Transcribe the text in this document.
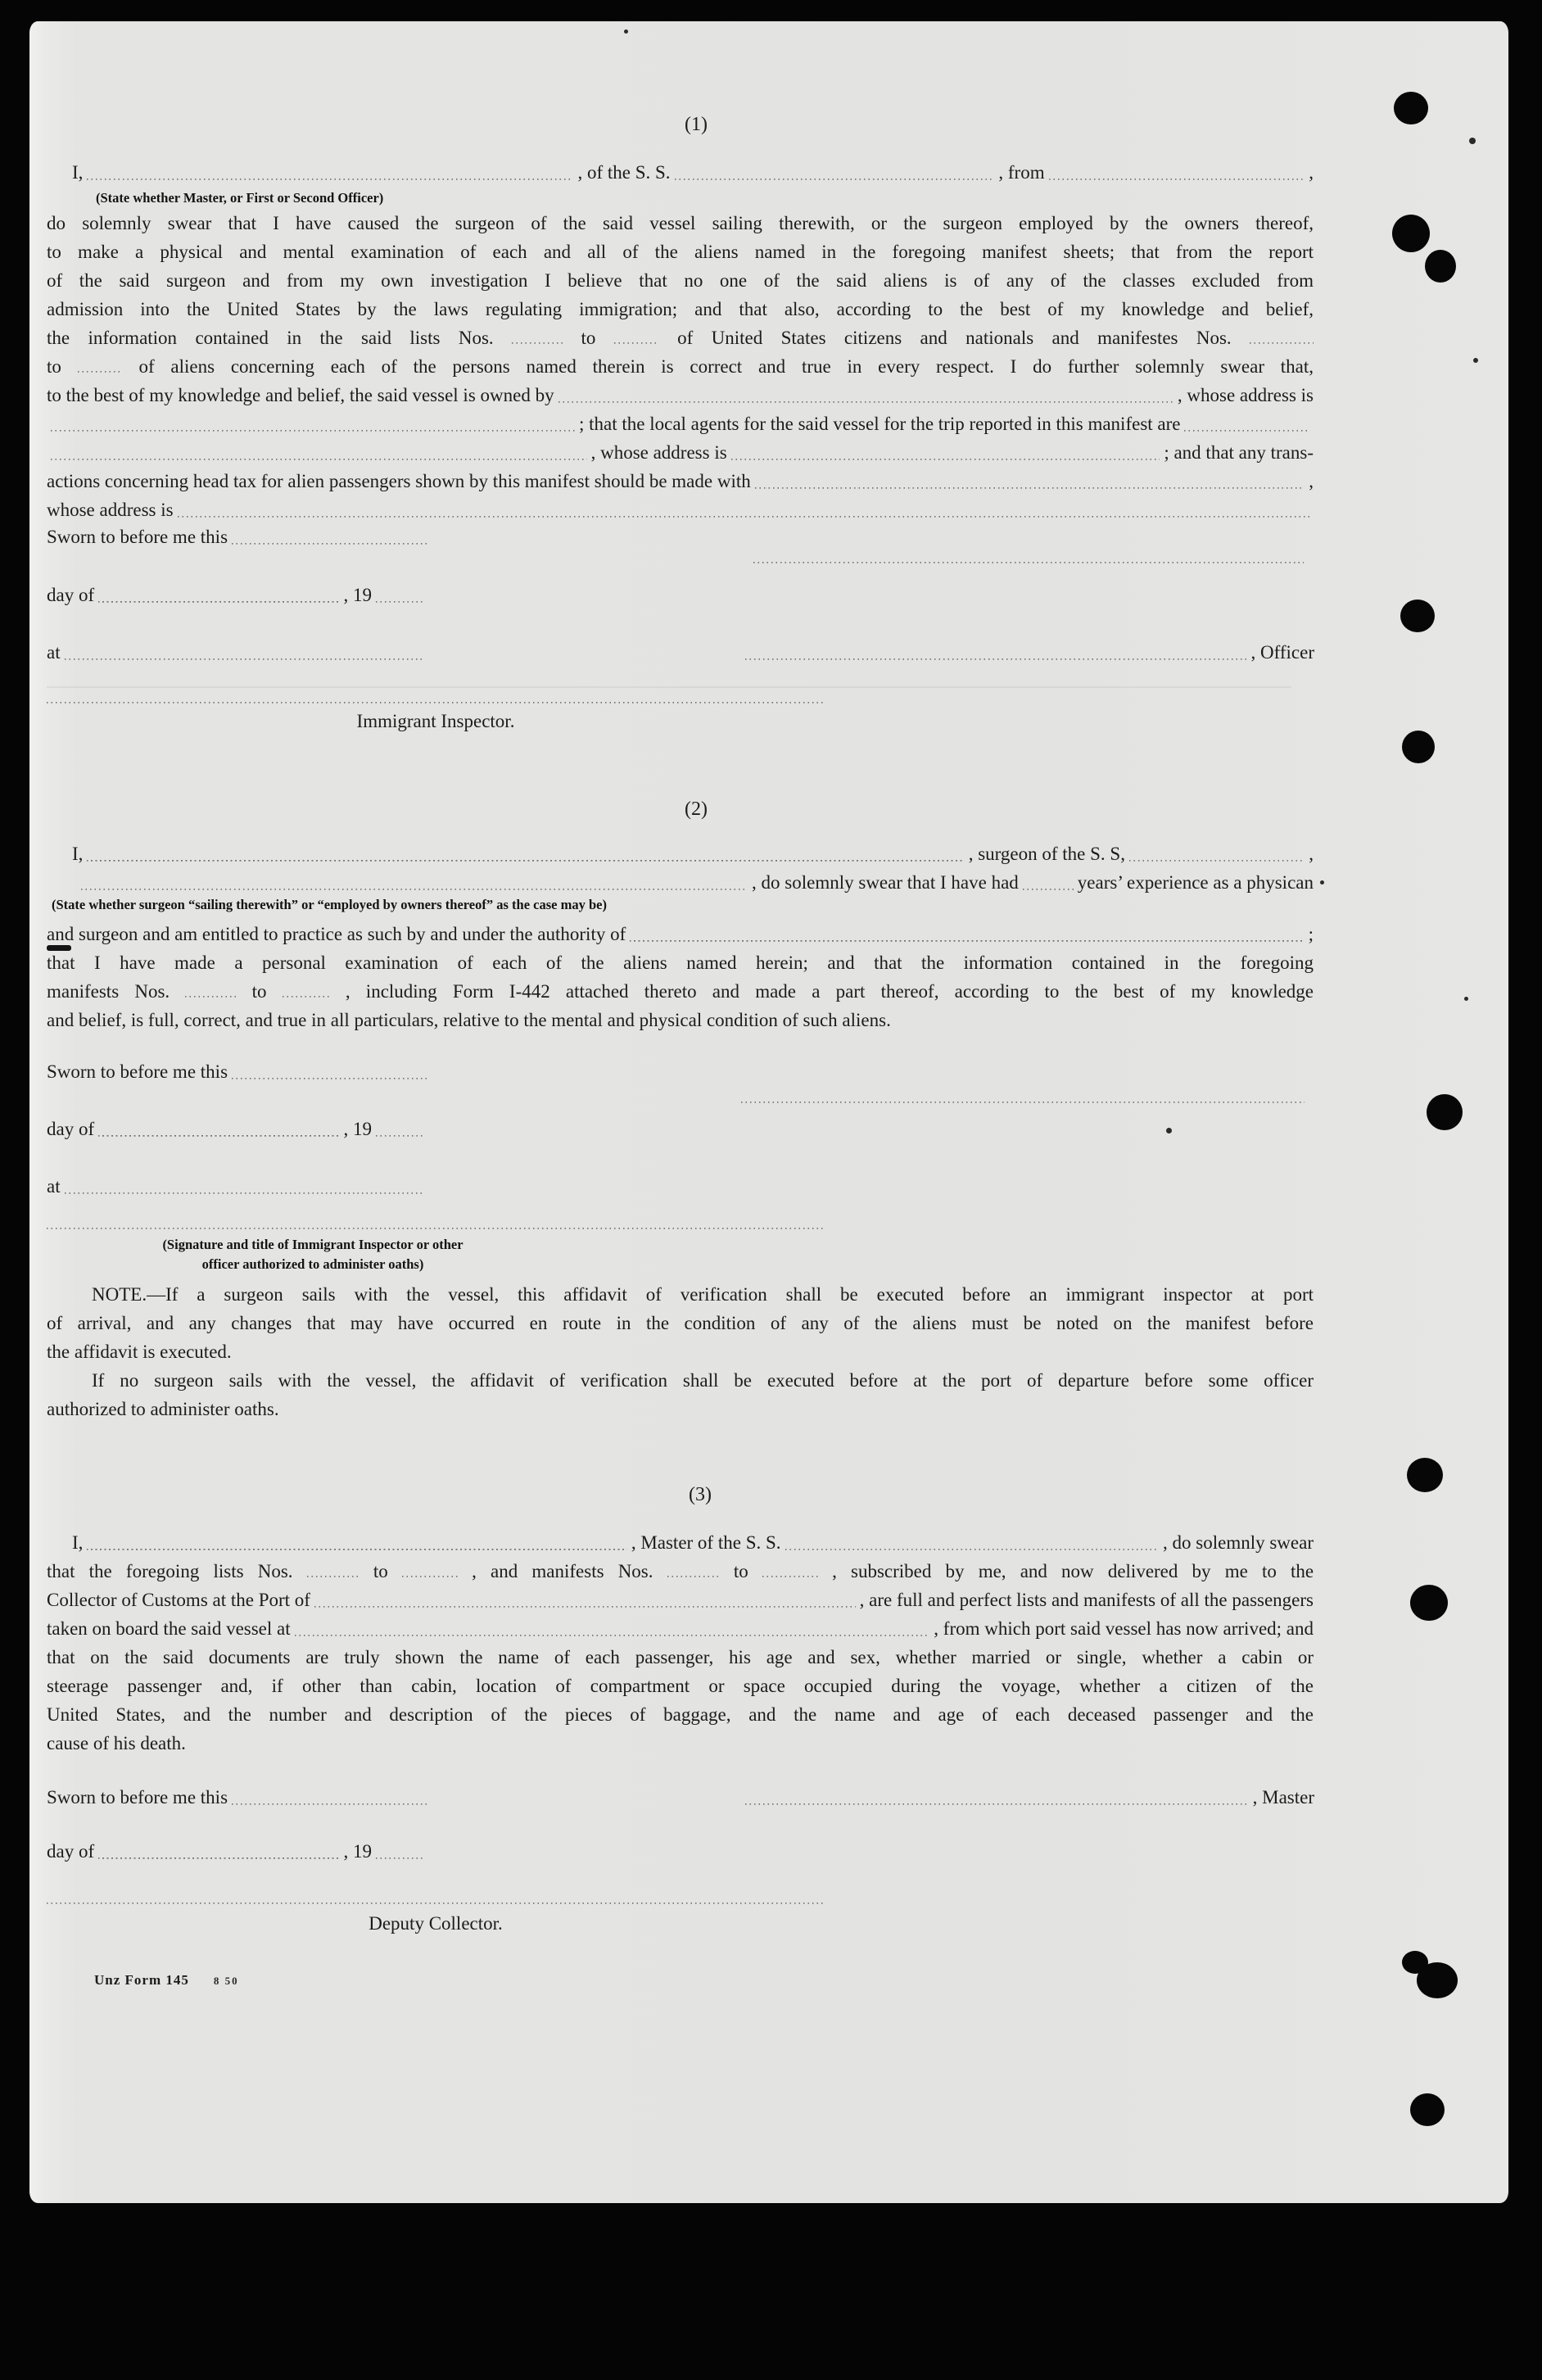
(1)
I,	, of the S. S.	, from	,
(State whether Master, or First or Second Officer)
do solemnly swear that I have caused the surgeon of the said vessel sailing therewith, or the surgeon employed by the owners thereof,
to make a physical and mental examination of each and all of the aliens named in the foregoing manifest sheets; that from the report
of the said surgeon and from my own investigation I believe that no one of the said aliens is of any of the classes excluded from
admission into the United States by the laws regulating immigration; and that also, according to the best of my knowledge and belief,
the information contained in the said lists Nos.	to	of United States citizens and nationals and manifestes Nos.
to	of aliens concerning each of the persons named therein is correct and true in every respect. I do further solemnly swear that,
to the best of my knowledge and belief, the said vessel is owned by	, whose address is
; that the local agents for the said vessel for the trip reported in this manifest are
, whose address is	; and that any trans-
actions concerning head tax for alien passengers shown by this manifest should be made with	,
whose address is
Sworn to before me this
day of	, 19
at	, Officer
Immigrant Inspector.
(2)
I,	, surgeon of the S. S,	,
, do solemnly swear that I have had	years’ experience as a physican
(State whether surgeon “sailing therewith” or “employed by owners thereof” as the case may be)
and surgeon and am entitled to practice as such by and under the authority of	;
that I have made a personal examination of each of the aliens named herein; and that the information contained in the foregoing
manifests Nos.	to	, including Form I-442 attached thereto and made a part thereof, according to the best of my knowledge
and belief, is full, correct, and true in all particulars, relative to the mental and physical condition of such aliens.
Sworn to before me this
day of	, 19
at
(Signature and title of Immigrant Inspector or other
officer authorized to administer oaths)
NOTE.—If a surgeon sails with the vessel, this affidavit of verification shall be executed before an immigrant inspector at port
of arrival, and any changes that may have occurred en route in the condition of any of the aliens must be noted on the manifest before
the affidavit is executed.
If no surgeon sails with the vessel, the affidavit of verification shall be executed before at the port of departure before some officer
authorized to administer oaths.
(3)
I,	, Master of the S. S.	, do solemnly swear
that the foregoing lists Nos.	to	, and manifests Nos.	to	, subscribed by me, and now delivered by me to the
Collector of Customs at the Port of	, are full and perfect lists and manifests of all the passengers
taken on board the said vessel at	, from which port said vessel has now arrived; and
that on the said documents are truly shown the name of each passenger, his age and sex, whether married or single, whether a cabin or
steerage passenger and, if other than cabin, location of compartment or space occupied during the voyage, whether a citizen of the
United States, and the number and description of the pieces of baggage, and the name and age of each deceased passenger and the
cause of his death.
Sworn to before me this	, Master
day of	, 19
Deputy Collector.
Unz Form 145 8 50
